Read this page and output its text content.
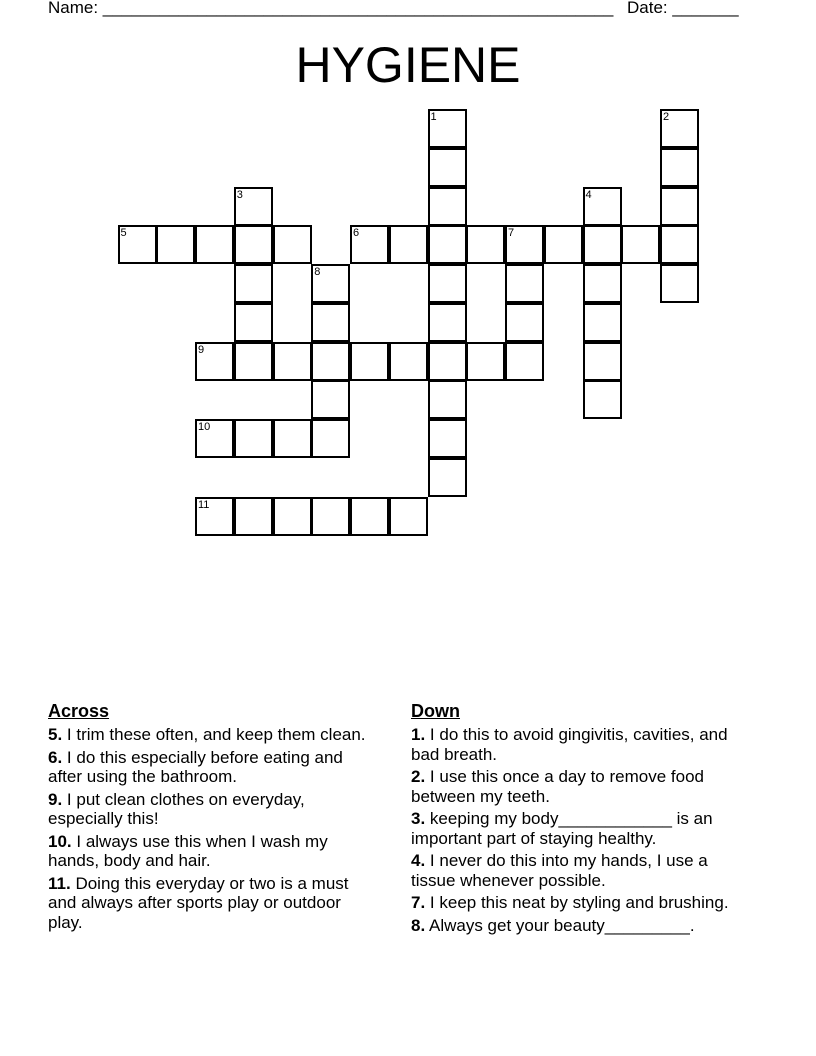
Name: ______________________________________________________ Date: _______
HYGIENE
1	2
3	4
5	6	7
8
9
10
11
Across
5. I trim these often, and keep them clean.
6. I do this especially before eating and after using the bathroom.
9. I put clean clothes on everyday, especially this!
10. I always use this when I wash my hands, body and hair.
11. Doing this everyday or two is a must and always after sports play or outdoor play.
Down
1. I do this to avoid gingivitis, cavities, and bad breath.
2. I use this once a day to remove food between my teeth.
3. keeping my body____________ is an important part of staying healthy.
4. I never do this into my hands, I use a tissue whenever possible.
7. I keep this neat by styling and brushing.
8. Always get your beauty_________.
